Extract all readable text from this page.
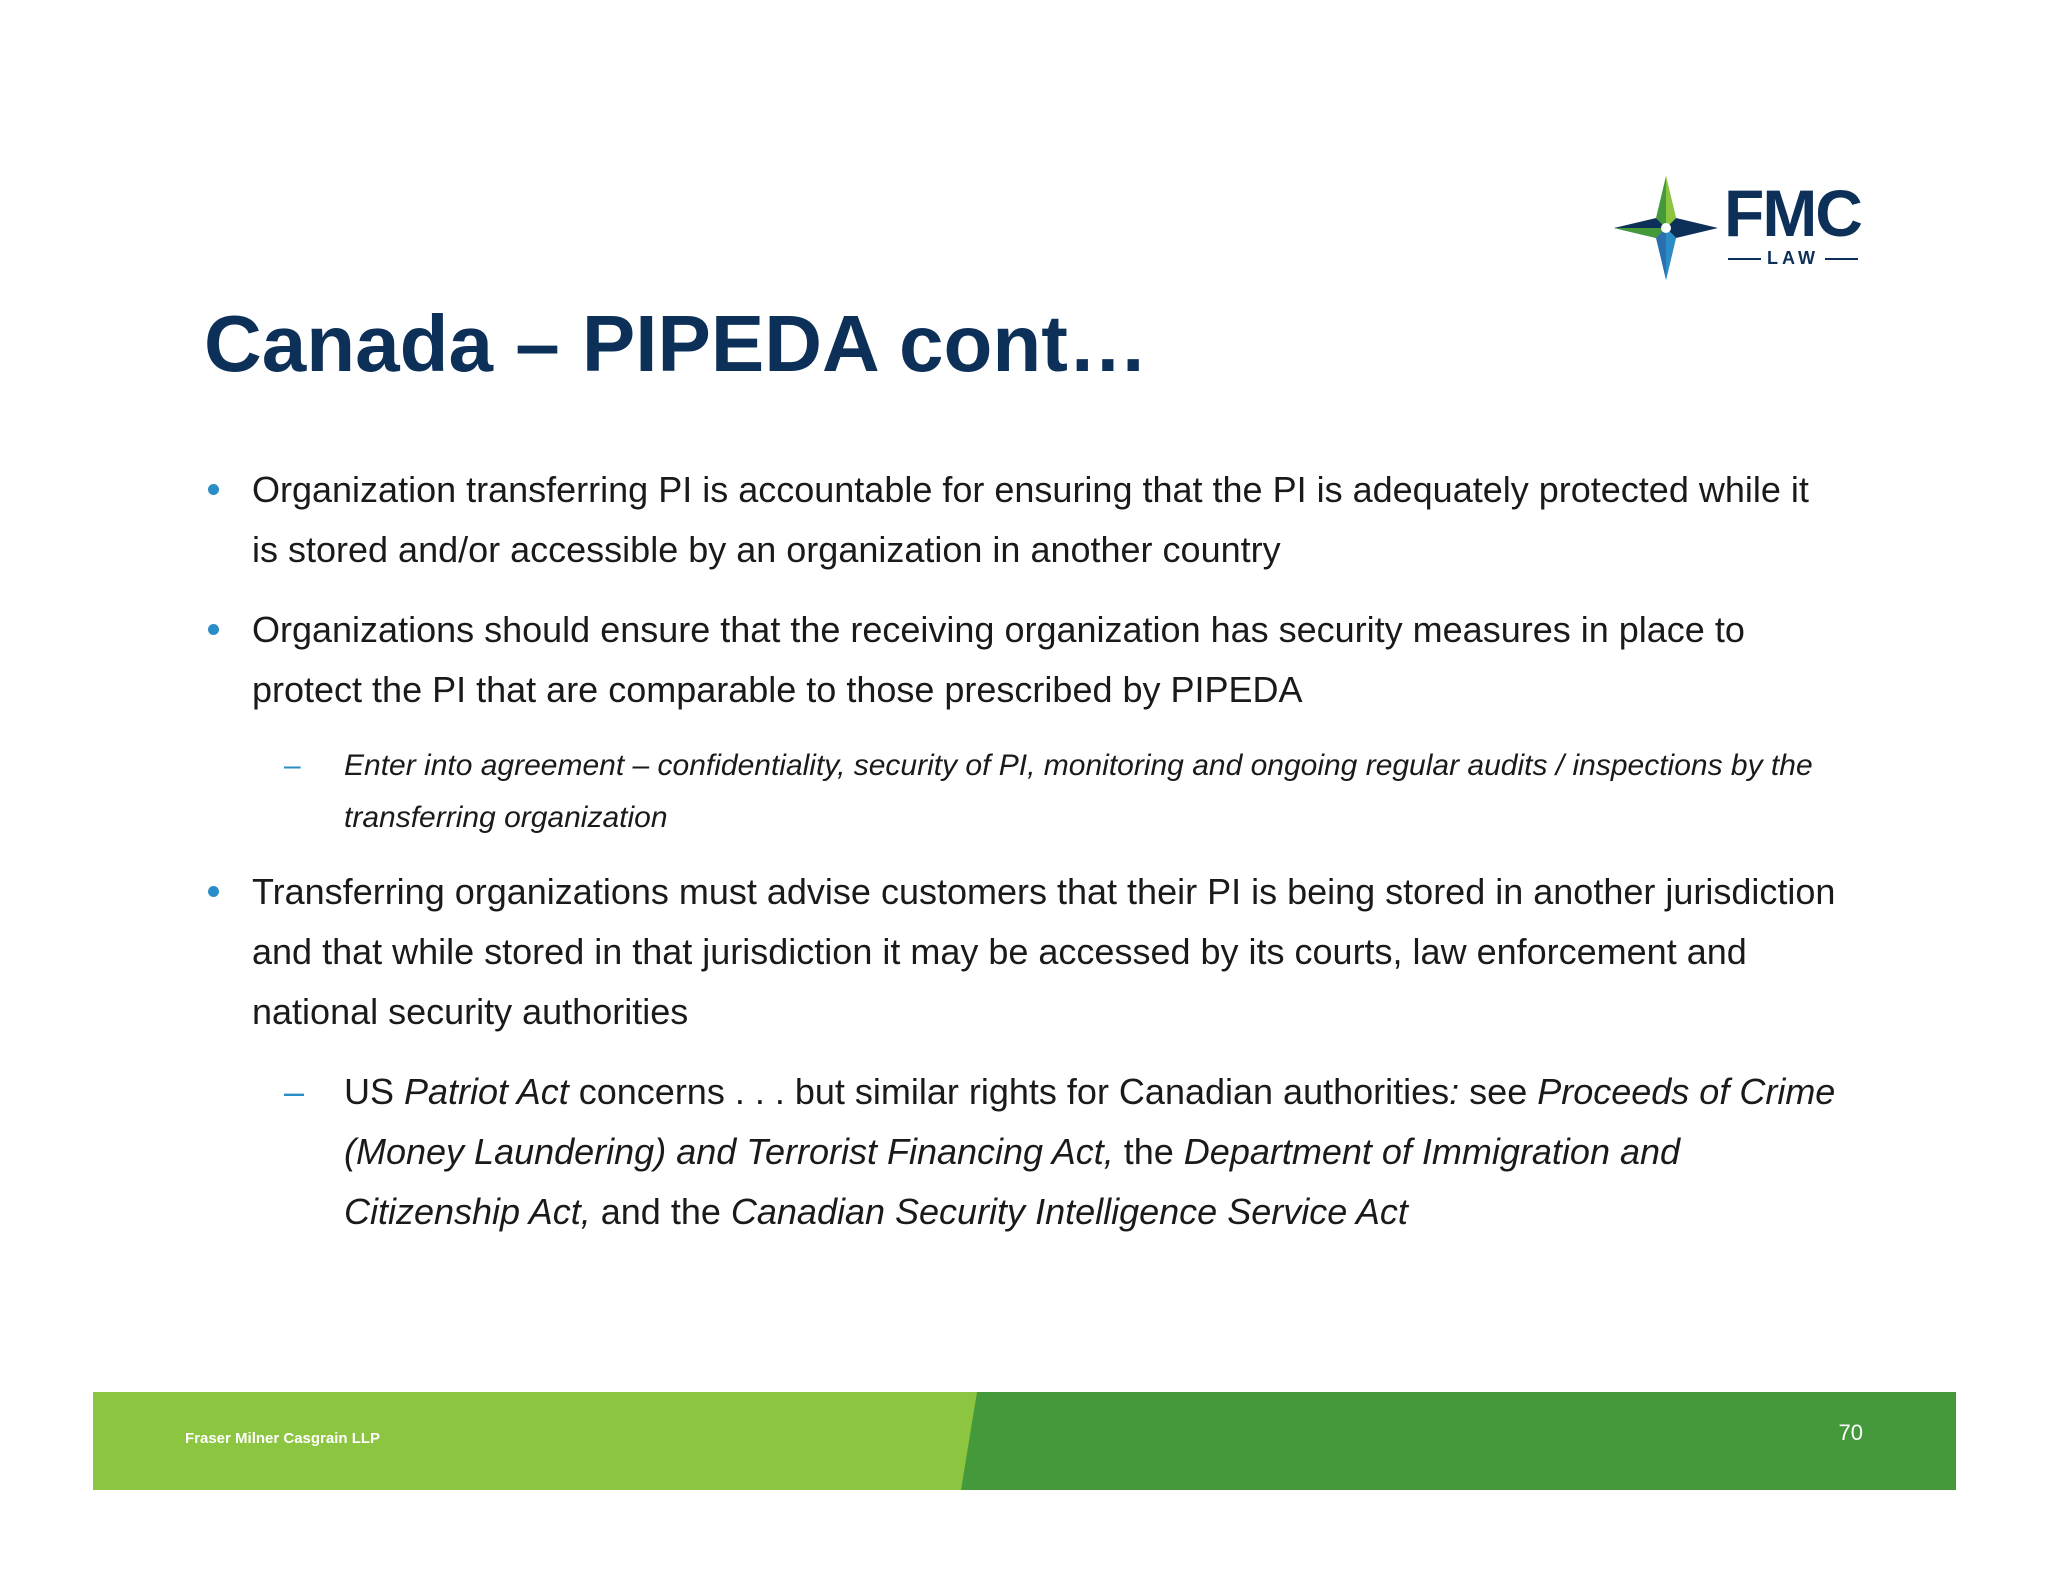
FMC
LAW
Canada – PIPEDA cont…
Organization transferring PI is accountable for ensuring that the PI is adequately protected while it is stored and/or accessible by an organization in another country
Organizations should ensure that the receiving organization has security measures in place to protect the PI that are comparable to those prescribed by PIPEDA
– Enter into agreement – confidentiality, security of PI, monitoring and ongoing regular audits / inspections by the transferring organization
Transferring organizations must advise customers that their PI is being stored in another jurisdiction and that while stored in that jurisdiction it may be accessed by its courts, law enforcement and national security authorities
– US Patriot Act concerns . . . but similar rights for Canadian authorities: see Proceeds of Crime (Money Laundering) and Terrorist Financing Act, the Department of Immigration and Citizenship Act, and the Canadian Security Intelligence Service Act
Fraser Milner Casgrain LLP	70
